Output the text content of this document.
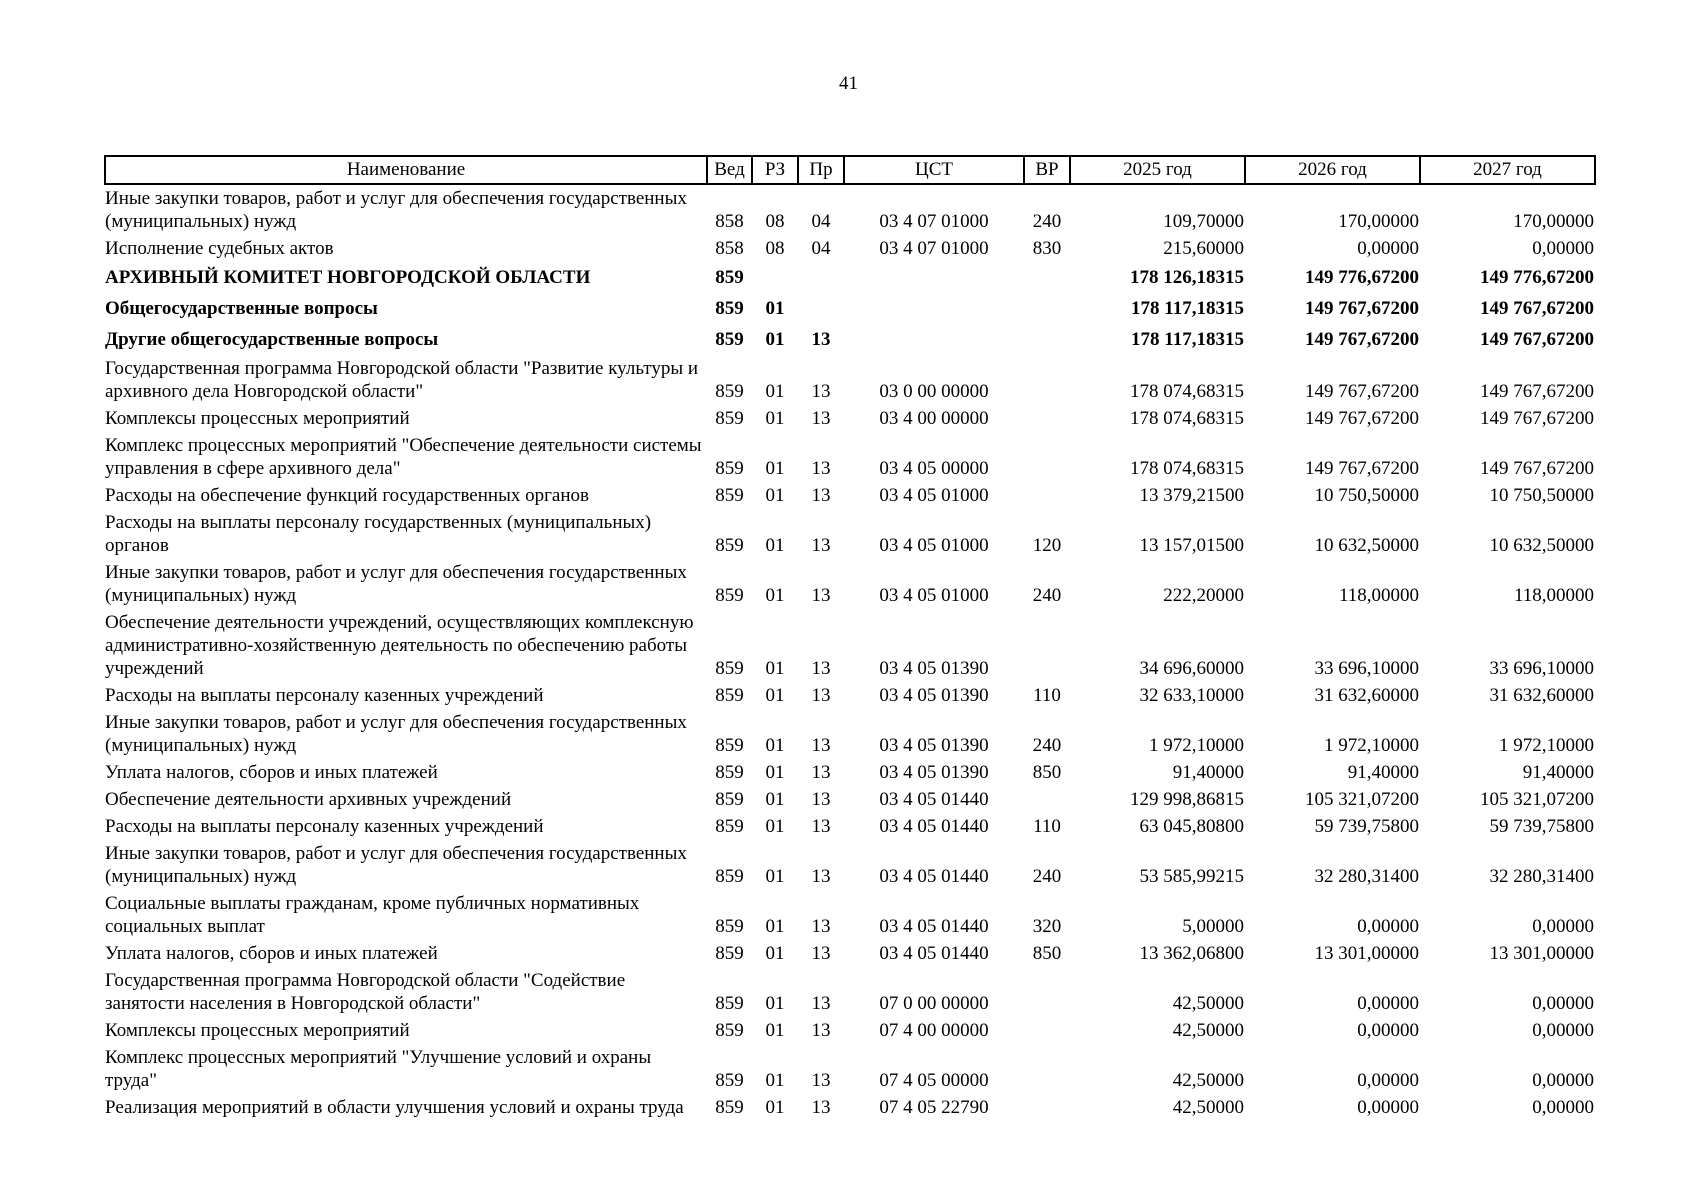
41
Наименование	Вед	РЗ	Пр	ЦСТ	ВР	2025 год	2026 год	2027 год
Иные закупки товаров, работ и услуг для обеспечения государственных (муниципальных) нужд	858	08	04	03 4 07 01000	240	109,70000	170,00000	170,00000
Исполнение судебных актов	858	08	04	03 4 07 01000	830	215,60000	0,00000	0,00000
АРХИВНЫЙ КОМИТЕТ НОВГОРОДСКОЙ ОБЛАСТИ	859					178 126,18315	149 776,67200	149 776,67200
Общегосударственные вопросы	859	01				178 117,18315	149 767,67200	149 767,67200
Другие общегосударственные вопросы	859	01	13			178 117,18315	149 767,67200	149 767,67200
Государственная программа Новгородской области "Развитие культуры и архивного дела Новгородской области"	859	01	13	03 0 00 00000		178 074,68315	149 767,67200	149 767,67200
Комплексы процессных мероприятий	859	01	13	03 4 00 00000		178 074,68315	149 767,67200	149 767,67200
Комплекс процессных мероприятий "Обеспечение деятельности системы управления в сфере архивного дела"	859	01	13	03 4 05 00000		178 074,68315	149 767,67200	149 767,67200
Расходы на обеспечение функций государственных органов	859	01	13	03 4 05 01000		13 379,21500	10 750,50000	10 750,50000
Расходы на выплаты персоналу государственных (муниципальных) органов	859	01	13	03 4 05 01000	120	13 157,01500	10 632,50000	10 632,50000
Иные закупки товаров, работ и услуг для обеспечения государственных (муниципальных) нужд	859	01	13	03 4 05 01000	240	222,20000	118,00000	118,00000
Обеспечение деятельности учреждений, осуществляющих комплексную административно-хозяйственную деятельность по обеспечению работы учреждений	859	01	13	03 4 05 01390		34 696,60000	33 696,10000	33 696,10000
Расходы на выплаты персоналу казенных учреждений	859	01	13	03 4 05 01390	110	32 633,10000	31 632,60000	31 632,60000
Иные закупки товаров, работ и услуг для обеспечения государственных (муниципальных) нужд	859	01	13	03 4 05 01390	240	1 972,10000	1 972,10000	1 972,10000
Уплата налогов, сборов и иных платежей	859	01	13	03 4 05 01390	850	91,40000	91,40000	91,40000
Обеспечение деятельности архивных учреждений	859	01	13	03 4 05 01440		129 998,86815	105 321,07200	105 321,07200
Расходы на выплаты персоналу казенных учреждений	859	01	13	03 4 05 01440	110	63 045,80800	59 739,75800	59 739,75800
Иные закупки товаров, работ и услуг для обеспечения государственных (муниципальных) нужд	859	01	13	03 4 05 01440	240	53 585,99215	32 280,31400	32 280,31400
Социальные выплаты гражданам, кроме публичных нормативных социальных выплат	859	01	13	03 4 05 01440	320	5,00000	0,00000	0,00000
Уплата налогов, сборов и иных платежей	859	01	13	03 4 05 01440	850	13 362,06800	13 301,00000	13 301,00000
Государственная программа Новгородской области "Содействие занятости населения в Новгородской области"	859	01	13	07 0 00 00000		42,50000	0,00000	0,00000
Комплексы процессных мероприятий	859	01	13	07 4 00 00000		42,50000	0,00000	0,00000
Комплекс процессных мероприятий "Улучшение условий и охраны труда"	859	01	13	07 4 05 00000		42,50000	0,00000	0,00000
Реализация мероприятий в области улучшения условий и охраны труда	859	01	13	07 4 05 22790		42,50000	0,00000	0,00000
